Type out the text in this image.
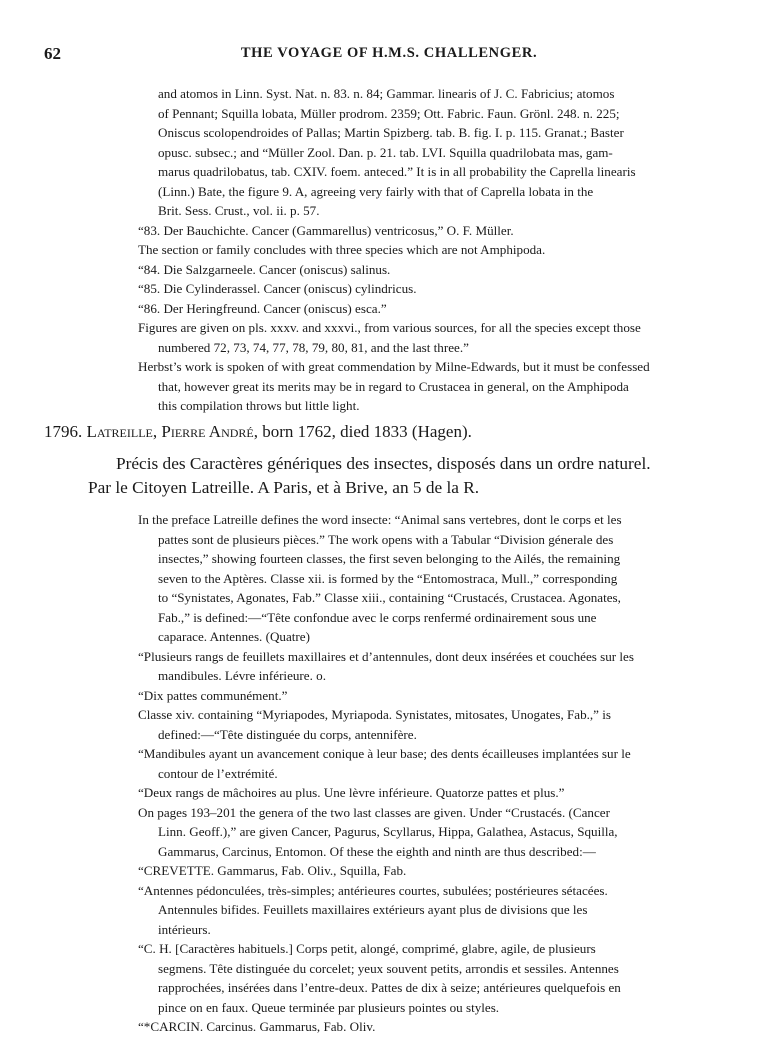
62	THE VOYAGE OF H.M.S. CHALLENGER.

and atomos in Linn. Syst. Nat. n. 83. n. 84; Gammar. linearis of J. C. Fabricius; atomos
of Pennant; Squilla lobata, Müller prodrom. 2359; Ott. Fabric. Faun. Grönl. 248. n. 225;
Oniscus scolopendroides of Pallas; Martin Spizberg. tab. B. fig. I. p. 115. Granat.; Baster
opusc. subsec.; and “Müller Zool. Dan. p. 21. tab. LVI. Squilla quadrilobata mas, gam-
marus quadrilobatus, tab. CXIV. foem. anteced.” It is in all probability the Caprella linearis
(Linn.) Bate, the figure 9. A, agreeing very fairly with that of Caprella lobata in the
Brit. Sess. Crust., vol. ii. p. 57.

“83. Der Bauchichte. Cancer (Gammarellus) ventricosus,” O. F. Müller.

The section or family concludes with three species which are not Amphipoda.

“84. Die Salzgarneele. Cancer (oniscus) salinus.

“85. Die Cylinderassel. Cancer (oniscus) cylindricus.

“86. Der Heringfreund. Cancer (oniscus) esca.”

Figures are given on pls. xxxv. and xxxvi., from various sources, for all the species except those
numbered 72, 73, 74, 77, 78, 79, 80, 81, and the last three.”

Herbst’s work is spoken of with great commendation by Milne-Edwards, but it must be confessed
that, however great its merits may be in regard to Crustacea in general, on the Amphipoda
this compilation throws but little light.

1796. Latreille, Pierre André, born 1762, died 1833 (Hagen).

Précis des Caractères génériques des insectes, disposés dans un ordre naturel.

Par le Citoyen Latreille. A Paris, et à Brive, an 5 de la R.

In the preface Latreille defines the word insecte: “Animal sans vertebres, dont le corps et les
pattes sont de plusieurs pièces.” The work opens with a Tabular “Division génerale des
insectes,” showing fourteen classes, the first seven belonging to the Ailés, the remaining
seven to the Aptères. Classe xii. is formed by the “Entomostraca, Mull.,” corresponding
to “Synistates, Agonates, Fab.” Classe xiii., containing “Crustacés, Crustacea. Agonates,
Fab.,” is defined:—“Tête confondue avec le corps renfermé ordinairement sous une
caparace. Antennes. (Quatre)

“Plusieurs rangs de feuillets maxillaires et d’antennules, dont deux insérées et couchées sur les
mandibules. Lévre inférieure. o.

“Dix pattes communément.”

Classe xiv. containing “Myriapodes, Myriapoda. Synistates, mitosates, Unogates, Fab.,” is
defined:—“Tête distinguée du corps, antennifère.

“Mandibules ayant un avancement conique à leur base; des dents écailleuses implantées sur le
contour de l’extrémité.

“Deux rangs de mâchoires au plus. Une lèvre inférieure. Quatorze pattes et plus.”

On pages 193–201 the genera of the two last classes are given. Under “Crustacés. (Cancer
Linn. Geoff.),” are given Cancer, Pagurus, Scyllarus, Hippa, Galathea, Astacus, Squilla,
Gammarus, Carcinus, Entomon. Of these the eighth and ninth are thus described:—

“CREVETTE. Gammarus, Fab. Oliv., Squilla, Fab.

“Antennes pédonculées, très-simples; antérieures courtes, subulées; postérieures sétacées.
Antennules bifides. Feuillets maxillaires extérieurs ayant plus de divisions que les
intérieurs.

“C. H. [Caractères habituels.] Corps petit, alongé, comprimé, glabre, agile, de plusieurs
segmens. Tête distinguée du corcelet; yeux souvent petits, arrondis et sessiles. Antennes
rapprochées, insérées dans l’entre-deux. Pattes de dix à seize; antérieures quelquefois en
pince on en faux. Queue terminée par plusieurs pointes ou styles.

“*CARCIN. Carcinus. Gammarus, Fab. Oliv.
